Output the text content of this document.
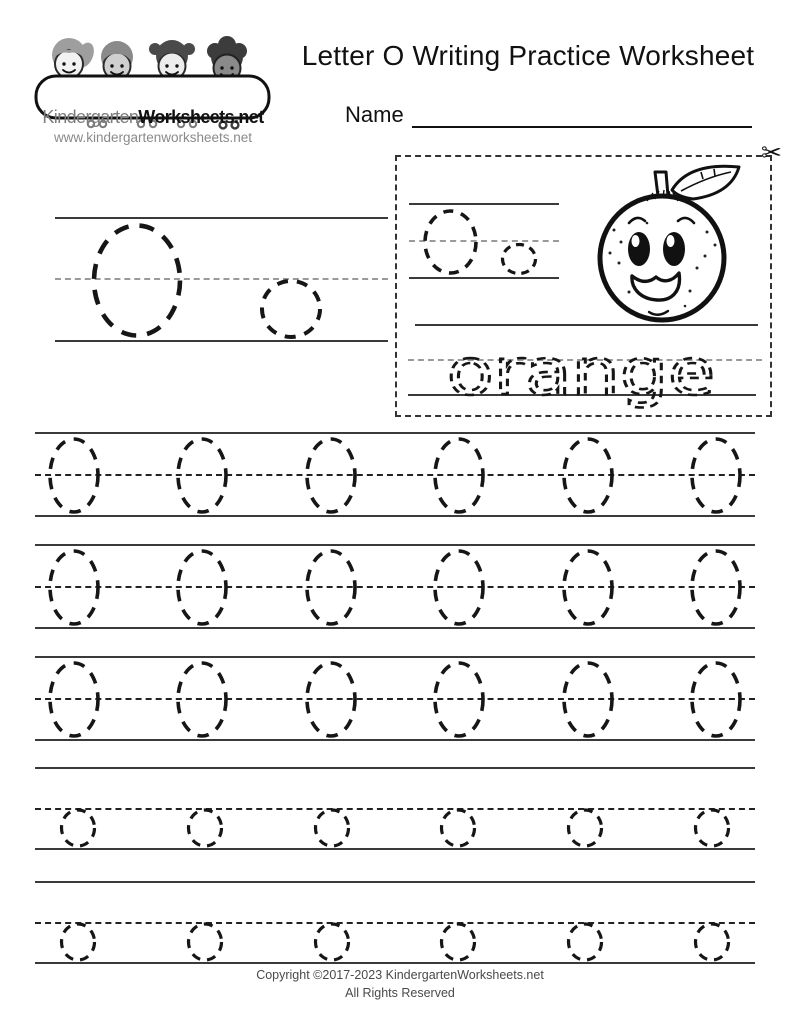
KindergartenWorksheets.net
www.kindergartenworksheets.net
Letter O Writing Practice Worksheet
Name
✂
orange
Copyright ©2017-2023 KindergartenWorksheets.net
All Rights Reserved
